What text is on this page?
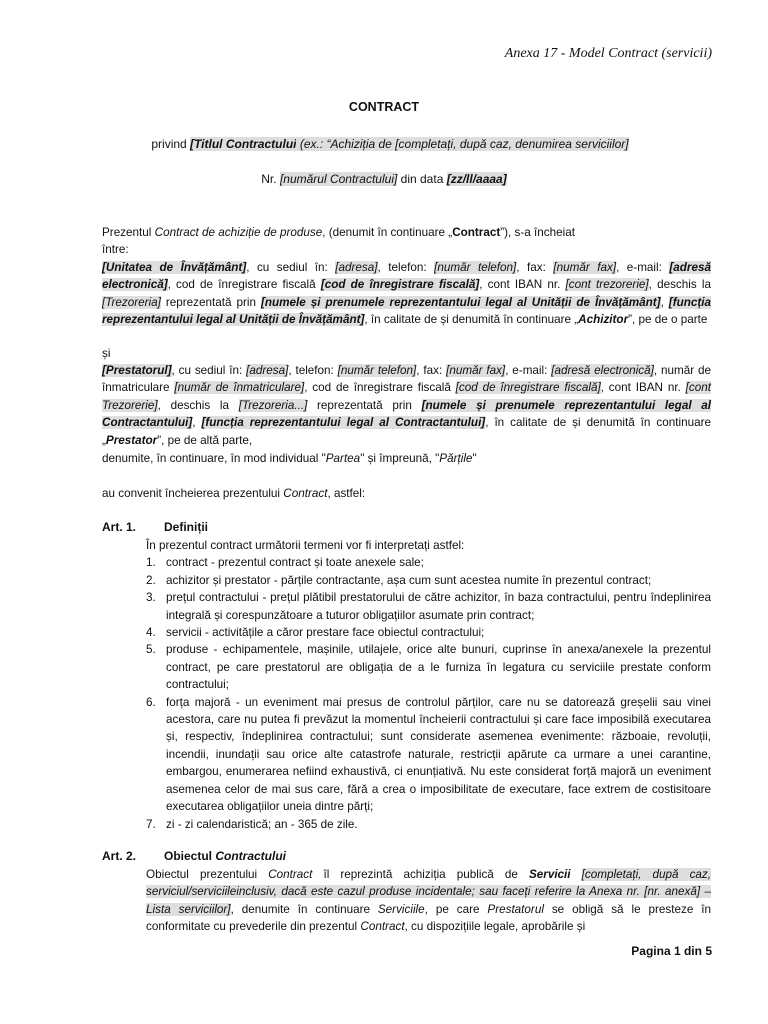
Anexa 17 - Model Contract (servicii)
CONTRACT
privind [Titlul Contractului (ex.: “Achiziția de [completați, după caz, denumirea serviciilor]
Nr. [numărul Contractului] din data [zz/ll/aaaa]
Prezentul Contract de achiziție de produse, (denumit în continuare „Contract”), s-a încheiat între:
[Unitatea de Învățământ], cu sediul în: [adresa], telefon: [număr telefon], fax: [număr fax], e-mail: [adresă electronică], cod de înregistrare fiscală [cod de înregistrare fiscală], cont IBAN nr. [cont trezorerie], deschis la [Trezoreria] reprezentată prin [numele și prenumele reprezentantului legal al Unității de Învățământ], [funcția reprezentantului legal al Unității de Învățământ], în calitate de și denumită în continuare „Achizitor”, pe de o parte
și
[Prestatorul], cu sediul în: [adresa], telefon: [număr telefon], fax: [număr fax], e-mail: [adresă electronică], număr de înmatriculare [număr de înmatriculare], cod de înregistrare fiscală [cod de înregistrare fiscală], cont IBAN nr. [cont Trezorerie], deschis la [Trezoreria...] reprezentată prin [numele și prenumele reprezentantului legal al Contractantului], [funcția reprezentantului legal al Contractantului], în calitate de și denumită în continuare „Prestator”, pe de altă parte,
denumite, în continuare, în mod individual "Partea" și împreună, "Părțile"
au convenit încheierea prezentului Contract, astfel:
Art. 1. Definiții
În prezentul contract următorii termeni vor fi interpretați astfel:
1. contract - prezentul contract și toate anexele sale;
2. achizitor și prestator - părțile contractante, așa cum sunt acestea numite în prezentul contract;
3. prețul contractului - prețul plătibil prestatorului de către achizitor, în baza contractului, pentru îndeplinirea integrală și corespunzătoare a tuturor obligațiilor asumate prin contract;
4. servicii - activitățile a căror prestare face obiectul contractului;
5. produse - echipamentele, mașinile, utilajele, orice alte bunuri, cuprinse în anexa/anexele la prezentul contract, pe care prestatorul are obligația de a le furniza în legatura cu serviciile prestate conform contractului;
6. forța majoră - un eveniment mai presus de controlul părților, care nu se datorează greșelii sau vinei acestora, care nu putea fi prevăzut la momentul încheierii contractului și care face imposibilă executarea și, respectiv, îndeplinirea contractului; sunt considerate asemenea evenimente: războaie, revoluții, incendii, inundații sau orice alte catastrofe naturale, restricții apărute ca urmare a unei carantine, embargou, enumerarea nefiind exhaustivă, ci enunțiativă. Nu este considerat forță majoră un eveniment asemenea celor de mai sus care, fără a crea o imposibilitate de executare, face extrem de costisitoare executarea obligațiilor uneia dintre părți;
7. zi - zi calendaristică; an - 365 de zile.
Art. 2. Obiectul Contractului
Obiectul prezentului Contract îl reprezintă achiziția publică de Servicii [completați, după caz, serviciul/serviciileinclusiv, dacă este cazul produse incidentale; sau faceți referire la Anexa nr. [nr. anexă] – Lista serviciilor], denumite în continuare Serviciile, pe care Prestatorul se obligă să le presteze în conformitate cu prevederile din prezentul Contract, cu dispozițiile legale, aprobările și
Pagina 1 din 5
